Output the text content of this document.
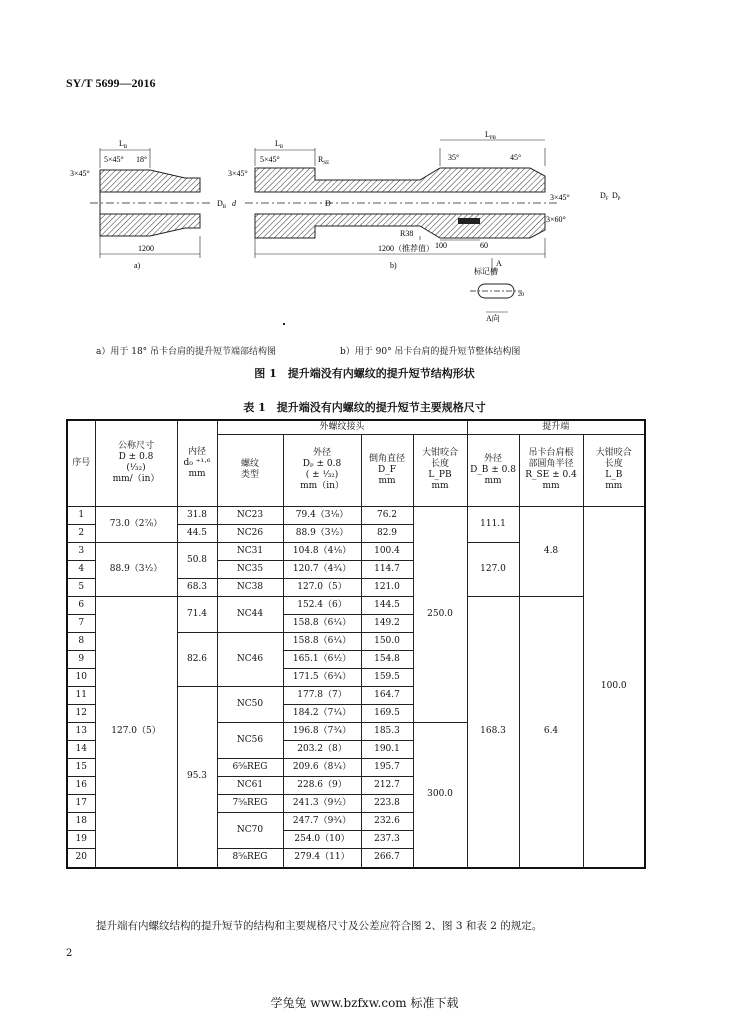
SY/T 5699—2016
$L_B$
5×45° 18°
3×45°
1200
a)
$L_B$
5×45°	$R_{SE}$
3×45°
$D_B$ d	D
$L_{PB}$
35°	45°
3×45°
3×60°
$D_F$ $D_P$
R38
100	60
1200（推荐值）
b)
标记槽
A
20
A向
a）用于 18° 吊卡台肩的提升短节端部结构图	b）用于 90° 吊卡台肩的提升短节整体结构图
图 1　提升端没有内螺纹的提升短节结构形状
表 1　提升端没有内螺纹的提升短节主要规格尺寸
序号	公称尺寸
D ± 0.8
(¹⁄₃₂)
mm/（in）	内径
d₀ ⁺¹·⁶
mm	外螺纹接头				提升端		
			螺纹
类型	外径
Dₚ ± 0.8
( ± ¹⁄₃₂)
mm（in）	倒角直径
D_F
mm	大钳咬合
长度
L_PB
mm	外径
D_B ± 0.8
mm	吊卡台肩根
部圆角半径
R_SE ± 0.4
mm	大钳咬合
长度
L_B
mm
1	73.0（2⁷⁄₈）	31.8	NC23	79.4（3¹⁄₈）	76.2	250.0	111.1	4.8	100.0
2		44.5	NC26	88.9（3¹⁄₂）	82.9				
3	88.9（3¹⁄₂）	50.8	NC31	104.8（4¹⁄₈）	100.4		127.0		
4			NC35	120.7（4³⁄₄）	114.7				
5		68.3	NC38	127.0（5）	121.0				
6	127.0（5）	71.4	NC44	152.4（6）	144.5		168.3	6.4	
7				158.8（6¹⁄₄）	149.2				
8		82.6	NC46	158.8（6¹⁄₄）	150.0				
9				165.1（6¹⁄₂）	154.8				
10				171.5（6³⁄₄）	159.5				
11		95.3	NC50	177.8（7）	164.7				
12				184.2（7¹⁄₄）	169.5				
13			NC56	196.8（7³⁄₄）	185.3	300.0			
14				203.2（8）	190.1				
15			6⁵⁄₈REG	209.6（8¹⁄₄）	195.7				
16			NC61	228.6（9）	212.7				
17			7⁵⁄₈REG	241.3（9¹⁄₂）	223.8				
18			NC70	247.7（9³⁄₄）	232.6				
19				254.0（10）	237.3				
20			8⁵⁄₈REG	279.4（11）	266.7				
提升端有内螺纹结构的提升短节的结构和主要规格尺寸及公差应符合图 2、图 3 和表 2 的规定。
2
学兔兔 www.bzfxw.com 标准下载
